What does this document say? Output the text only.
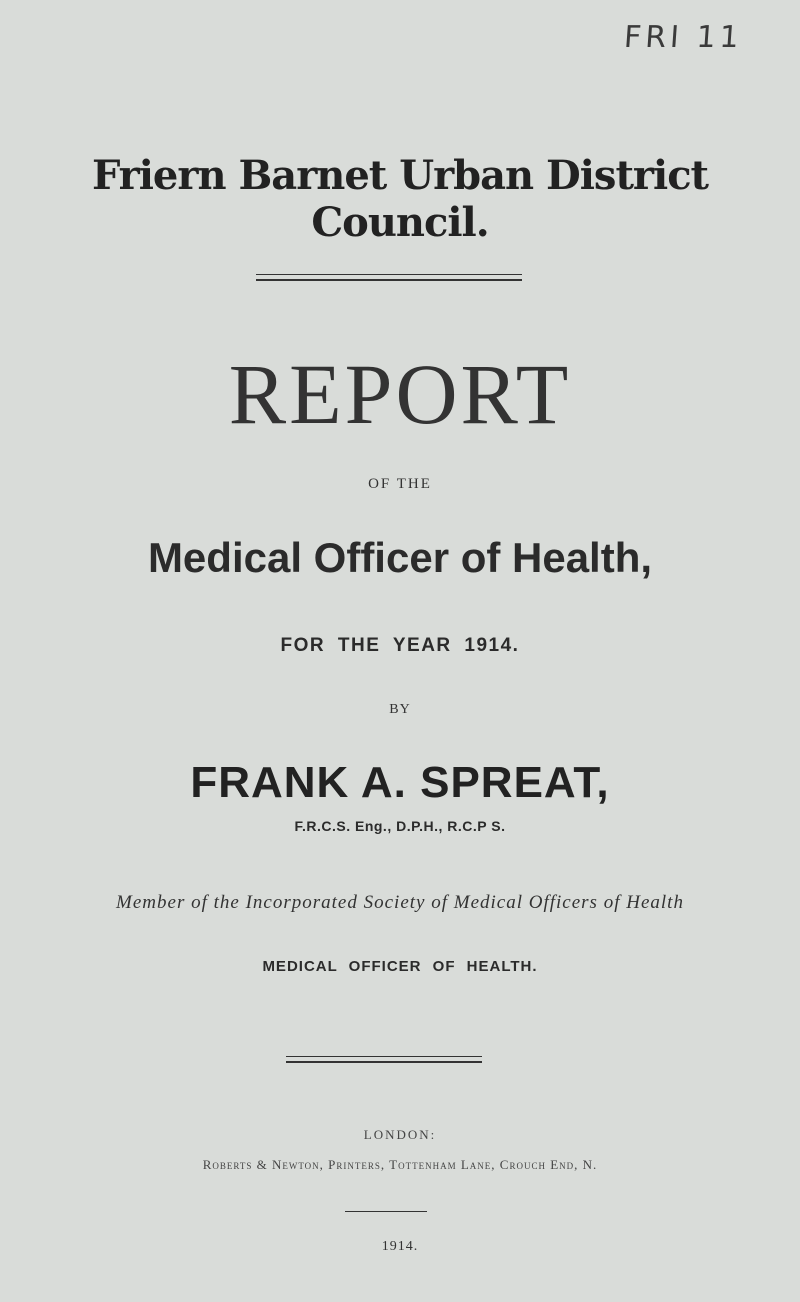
FRI 11
Friern Barnet Urban District Council.
REPORT
OF THE
Medical Officer of Health,
FOR THE YEAR 1914.
BY
FRANK A. SPREAT,
F.R.C.S. Eng., D.P.H., R.C.P S.
Member of the Incorporated Society of Medical Officers of Health
MEDICAL OFFICER OF HEALTH.
LONDON:
Roberts & Newton, Printers, Tottenham Lane, Crouch End, N.
1914.
